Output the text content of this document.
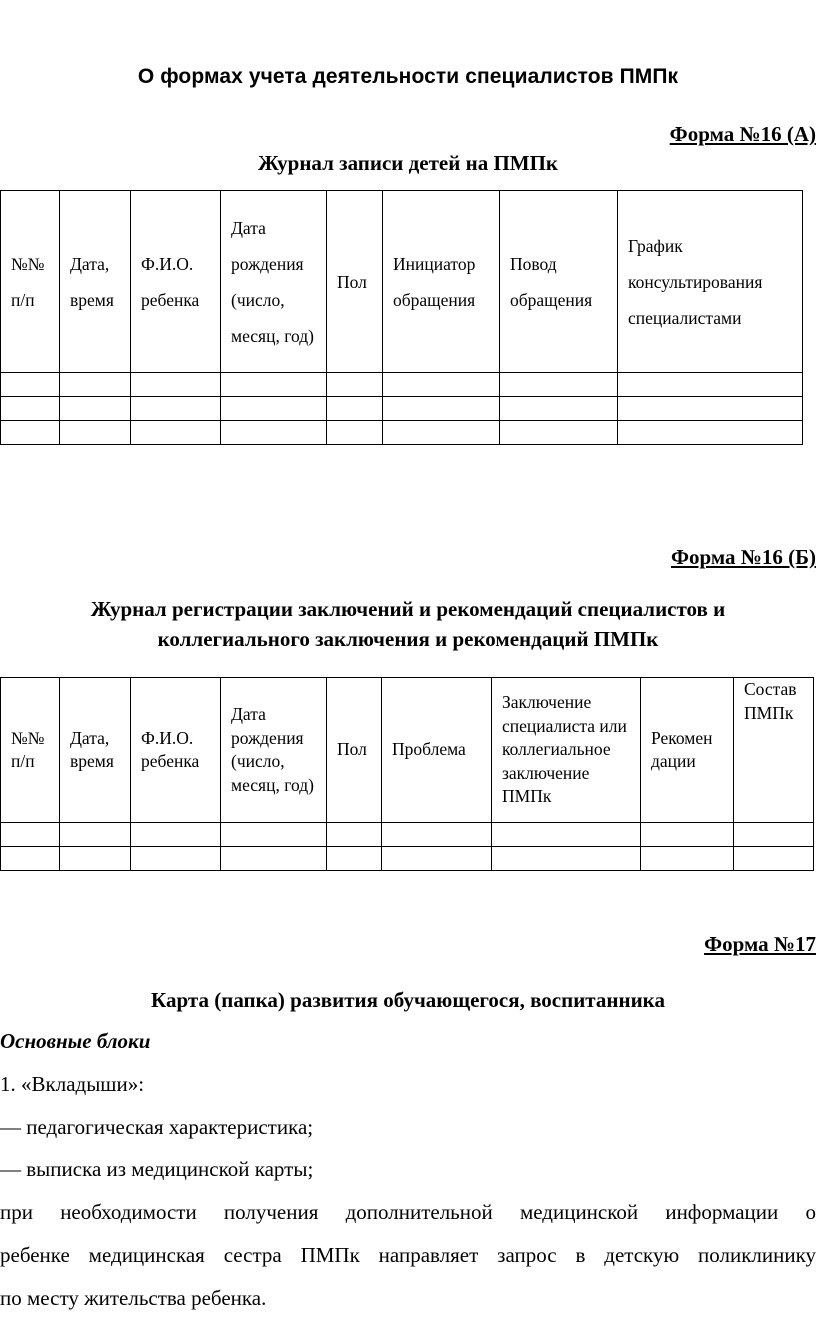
О формах учета деятельности специалистов ПМПк
Форма №16 (А)
Журнал записи детей на ПМПк
№№ п/п	Дата, время	Ф.И.О. ребенка	Дата рождения (число, месяц, год)	Пол	Инициатор обращения	Повод обращения	График консультирования специалистами

Форма №16 (Б)
Журнал регистрации заключений и рекомендаций специалистов и
коллегиального заключения и рекомендаций ПМПк
№№ п/п	Дата, время	Ф.И.О. ребенка	Дата рождения (число, месяц, год)	Пол	Проблема	Заключение специалиста или коллегиальное заключение ПМПк	Рекомен дации	Состав ПМПк

Форма №17
Карта (папка) развития обучающегося, воспитанника
Основные блоки
1. «Вкладыши»:
— педагогическая характеристика;
— выписка из медицинской карты;
при необходимости получения дополнительной медицинской информации о
ребенке медицинская сестра ПМПк направляет запрос в детскую поликлинику
по месту жительства ребенка.
